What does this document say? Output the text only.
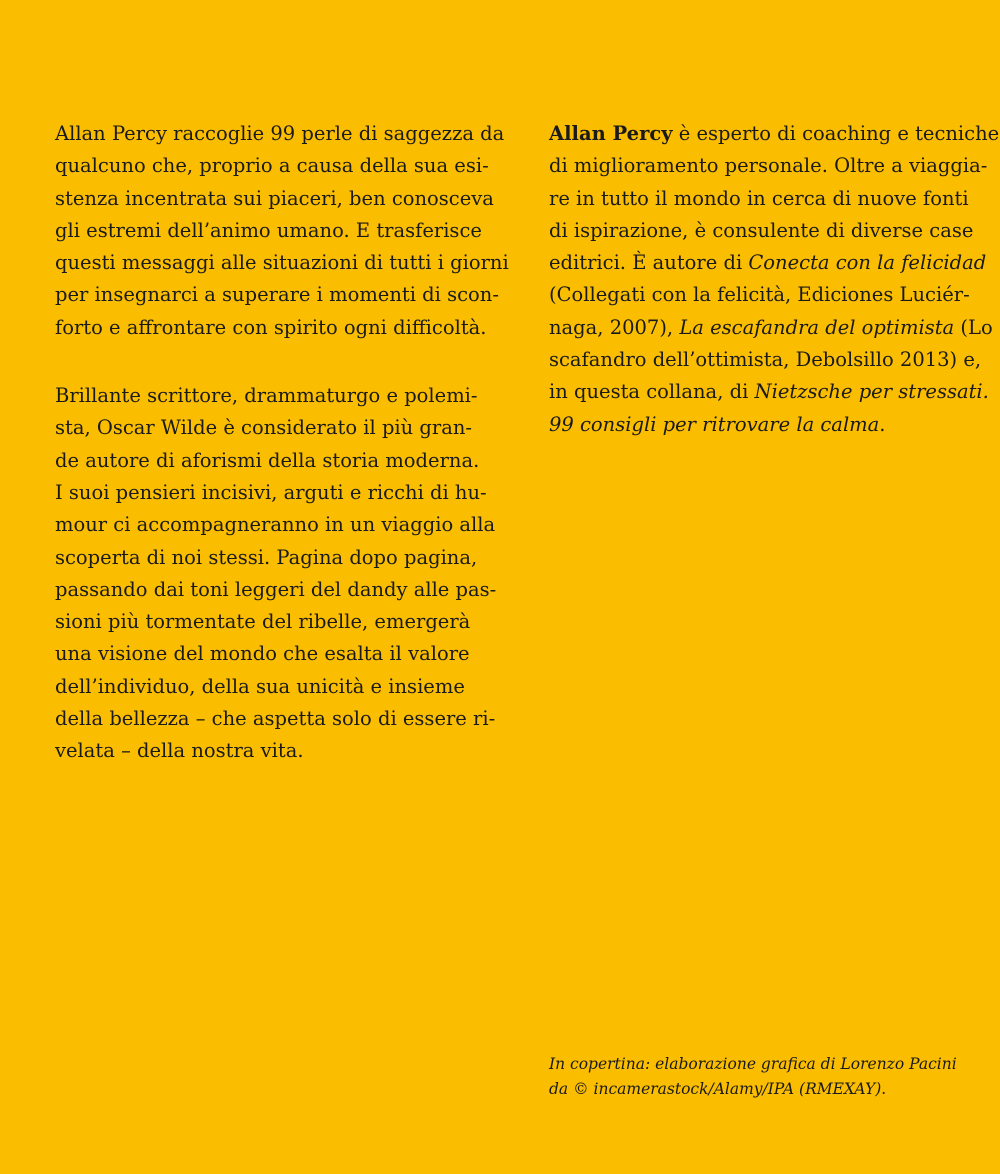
Allan Percy raccoglie 99 perle di saggezza da
qualcuno che, proprio a causa della sua esi-
stenza incentrata sui piaceri, ben conosceva
gli estremi dell’animo umano. E trasferisce
questi messaggi alle situazioni di tutti i giorni
per insegnarci a superare i momenti di scon-
forto e affrontare con spirito ogni difficoltà.

Brillante scrittore, drammaturgo e polemi-
sta, Oscar Wilde è considerato il più gran-
de autore di aforismi della storia moderna.
I suoi pensieri incisivi, arguti e ricchi di hu-
mour ci accompagneranno in un viaggio alla
scoperta di noi stessi. Pagina dopo pagina,
passando dai toni leggeri del dandy alle pas-
sioni più tormentate del ribelle, emergerà
una visione del mondo che esalta il valore
dell’individuo, della sua unicità e insieme
della bellezza – che aspetta solo di essere ri-
velata – della nostra vita.

Allan Percy è esperto di coaching e tecniche
di miglioramento personale. Oltre a viaggia-
re in tutto il mondo in cerca di nuove fonti
di ispirazione, è consulente di diverse case
editrici. È autore di Conecta con la felicidad
(Collegati con la felicità, Ediciones Luciér-
naga, 2007), La escafandra del optimista (Lo
scafandro dell’ottimista, Debolsillo 2013) e,
in questa collana, di Nietzsche per stressati.
99 consigli per ritrovare la calma.

In copertina: elaborazione grafica di Lorenzo Pacini
da © incamerastock/Alamy/IPA (RMEXAY).
